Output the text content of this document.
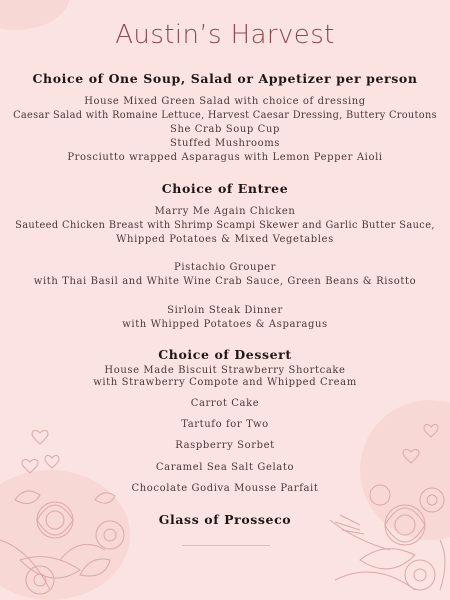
Austin’s Harvest
Choice of One Soup, Salad or Appetizer per person
House Mixed Green Salad with choice of dressing
Caesar Salad with Romaine Lettuce, Harvest Caesar Dressing, Buttery Croutons
She Crab Soup Cup
Stuffed Mushrooms
Prosciutto wrapped Asparagus with Lemon Pepper Aioli
Choice of Entree
Marry Me Again Chicken
Sauteed Chicken Breast with Shrimp Scampi Skewer and Garlic Butter Sauce,
Whipped Potatoes & Mixed Vegetables
Pistachio Grouper
with Thai Basil and White Wine Crab Sauce, Green Beans & Risotto
Sirloin Steak Dinner
with Whipped Potatoes & Asparagus
Choice of Dessert
House Made Biscuit Strawberry Shortcake
with Strawberry Compote and Whipped Cream
Carrot Cake
Tartufo for Two
Raspberry Sorbet
Caramel Sea Salt Gelato
Chocolate Godiva Mousse Parfait
Glass of Prosseco
